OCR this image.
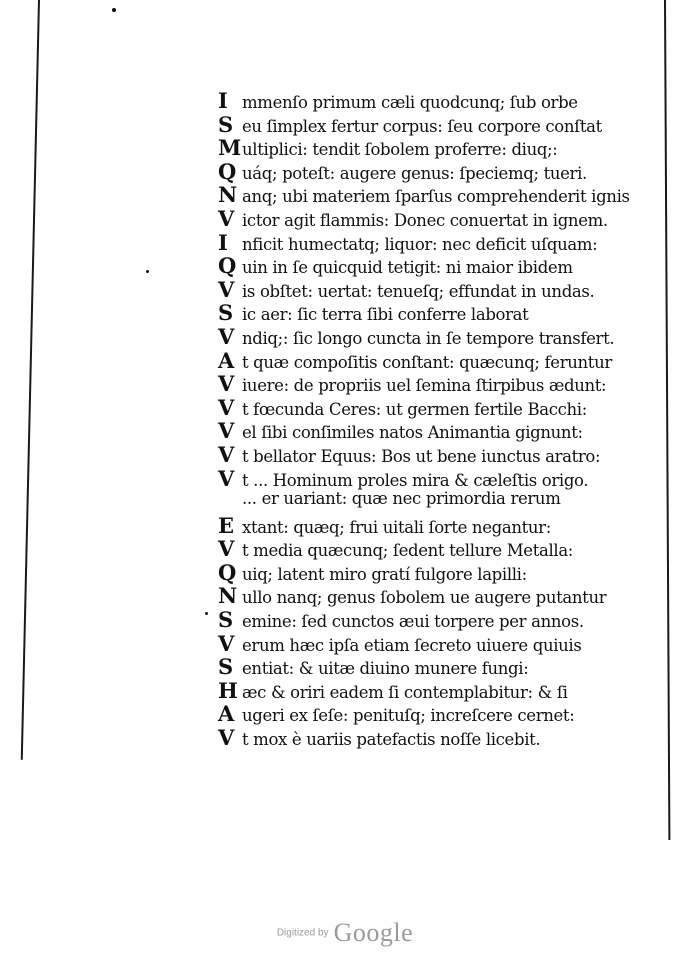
I mmenſo primum cæli quodcunq; ſub orbe
S eu ſimplex fertur corpus: ſeu corpore conſtat
M ultiplici: tendit ſobolem proferre: diuq;:
Q uáq; poteſt: augere genus: ſpeciemq; tueri.
N anq; ubi materiem ſparſus comprehenderit ignis
V ictor agit flammis: Donec conuertat in ignem.
I nficit humectatq; liquor: nec deficit uſquam:
Q uin in ſe quicquid tetigit: ni maior ibidem
V is obſtet: uertat: tenueſq; effundat in undas.
S ic aer: ſic terra ſibi conferre laborat
V ndiq;: ſic longo cuncta in ſe tempore transfert.
A t quæ compoſitis conſtant: quæcunq; feruntur
V iuere: de propriis uel ſemina ſtirpibus ædunt:
V t fœcunda Ceres: ut germen fertile Bacchi:
V el ſibi conſimiles natos Animantia gignunt:
V t bellator Equus: Bos ut bene iunctus aratro:
V t ... Hominum proles mira & cæleſtis origo.
... er uariant: quæ nec primordia rerum
E xtant: quæq; frui uitali ſorte negantur:
V t media quæcunq; ſedent tellure Metalla:
Q uiq; latent miro gratí fulgore lapilli:
N ullo nanq; genus ſobolem ue augere putantur
S emine: ſed cunctos æui torpere per annos.
V erum hæc ipſa etiam ſecreto uiuere quiuis
S entiat: & uitæ diuino munere fungi:
H æc & oriri eadem ſi contemplabitur: & ſi
A ugeri ex ſeſe: penituſq; increſcere cernet:
V t mox è uariis patefactis noſſe licebit.
Digitized by Google
